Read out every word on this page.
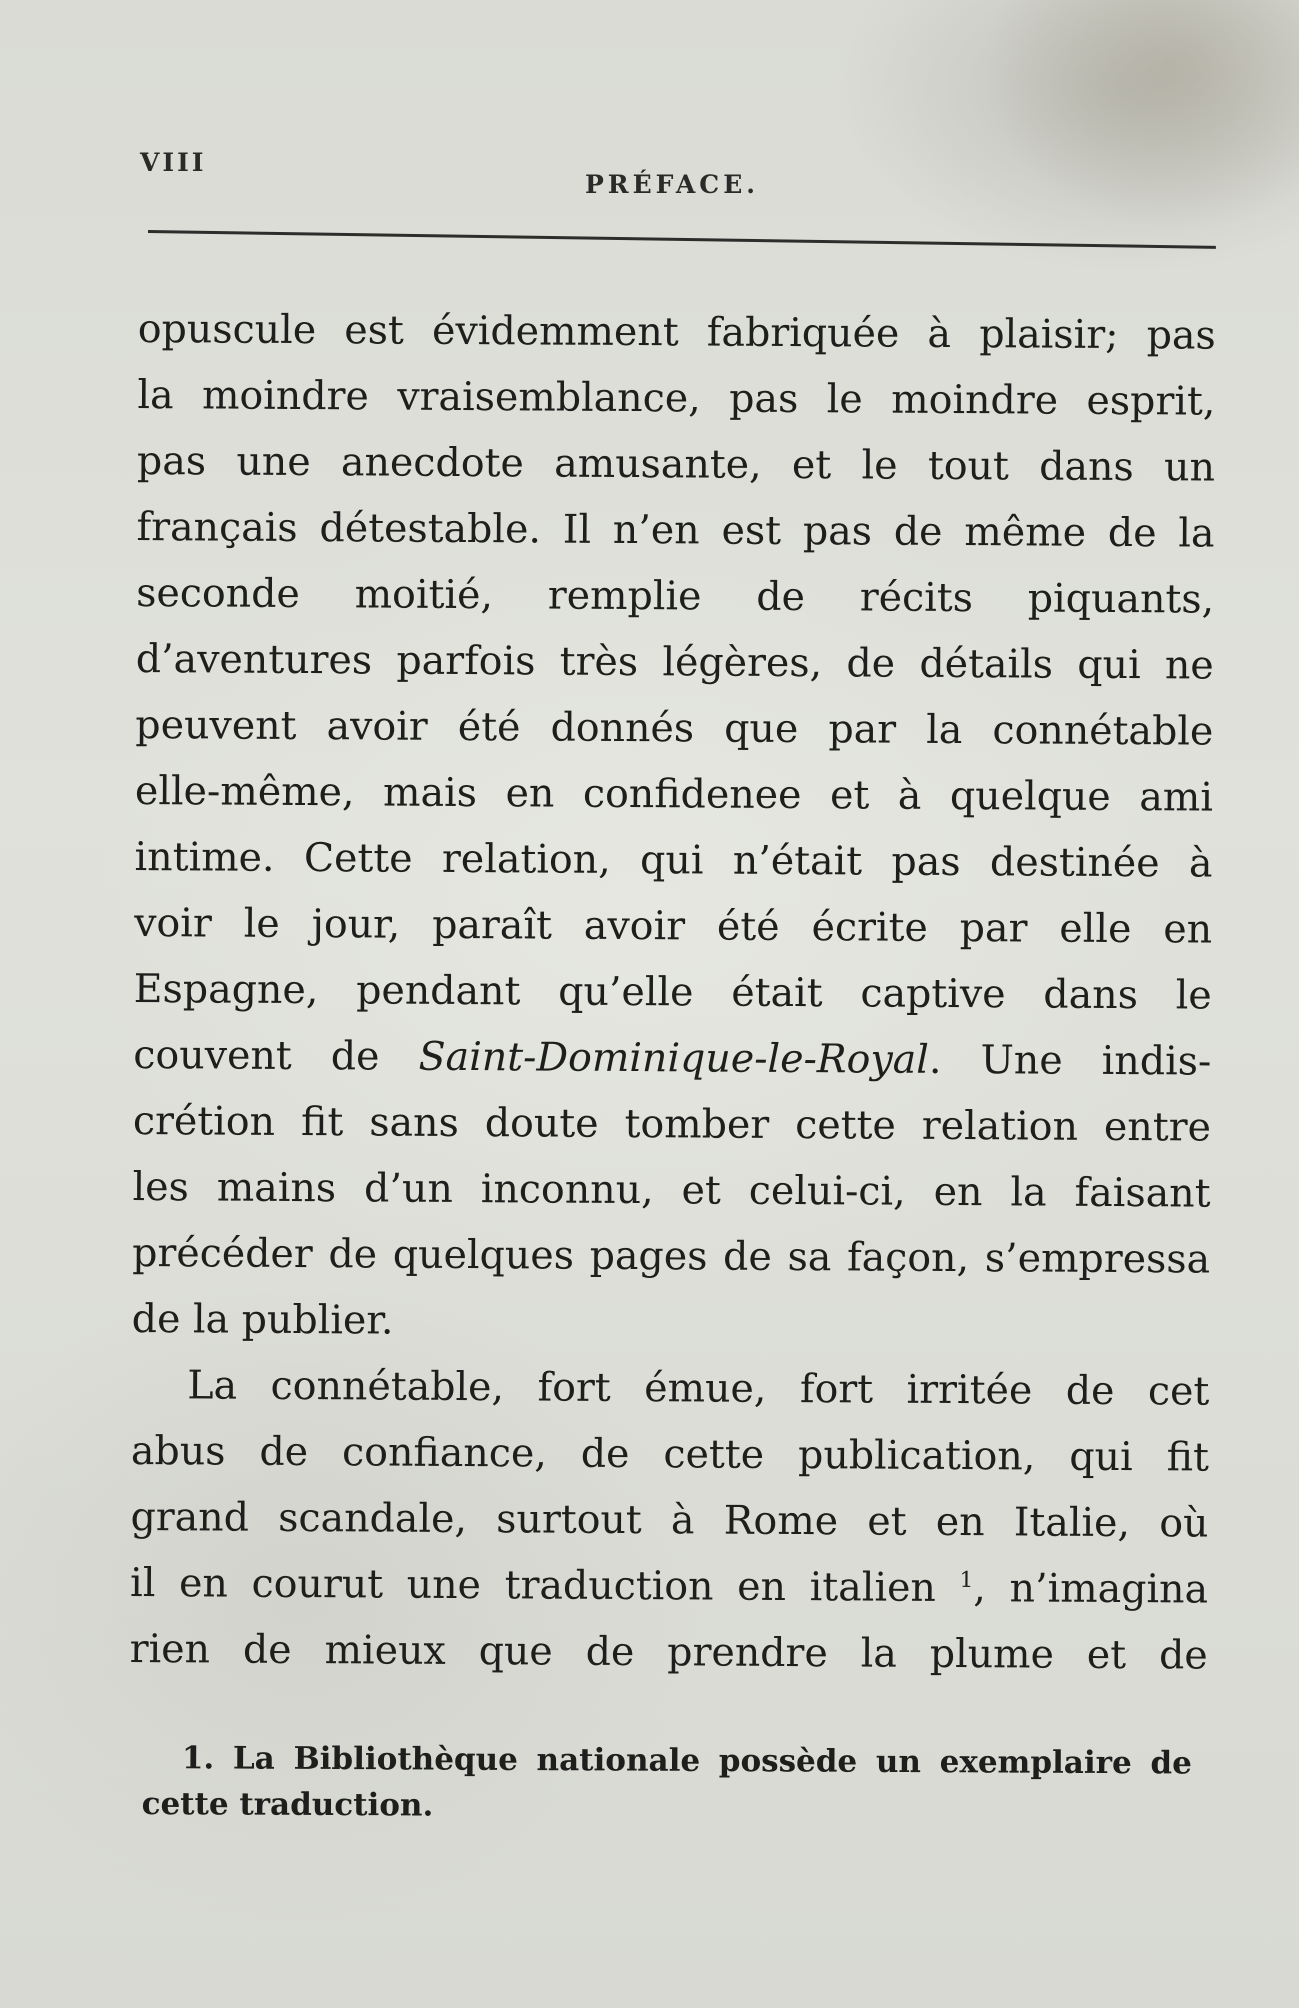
VIII
PRÉFACE.
opuscule est évidemment fabriquée à plaisir; pas
la moindre vraisemblance, pas le moindre esprit,
pas une anecdote amusante, et le tout dans un
français détestable. Il n’en est pas de même de la
seconde moitié, remplie de récits piquants,
d’aventures parfois très légères, de détails qui ne
peuvent avoir été donnés que par la connétable
elle-même, mais en confidenee et à quelque ami
intime. Cette relation, qui n’était pas destinée à
voir le jour, paraît avoir été écrite par elle en
Espagne, pendant qu’elle était captive dans le
couvent de Saint-Dominique-le-Royal. Une indis-
crétion fit sans doute tomber cette relation entre
les mains d’un inconnu, et celui-ci, en la faisant
précéder de quelques pages de sa façon, s’empressa
de la publier.
La connétable, fort émue, fort irritée de cet
abus de confiance, de cette publication, qui fit
grand scandale, surtout à Rome et en Italie, où
il en courut une traduction en italien $^1$, n’imagina
rien de mieux que de prendre la plume et de
1. La Bibliothèque nationale possède un exemplaire de
cette traduction.
